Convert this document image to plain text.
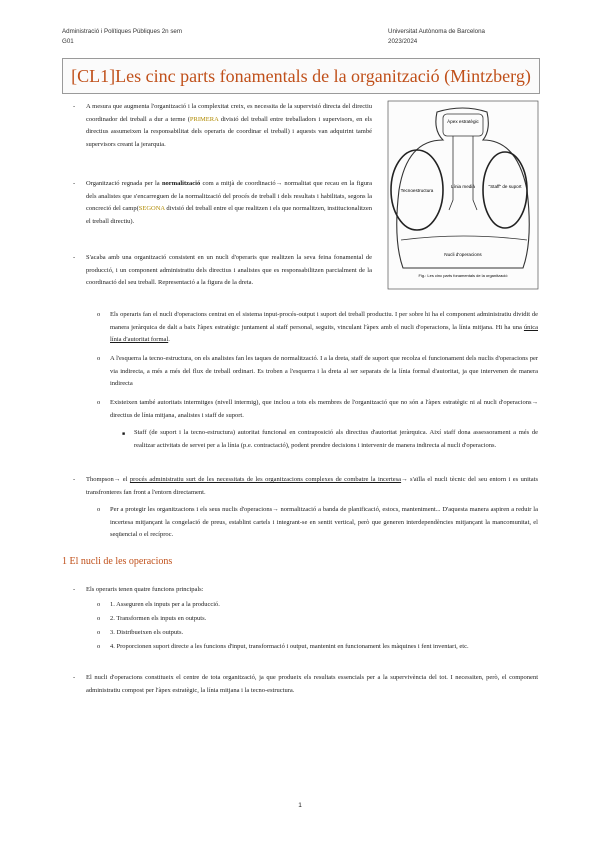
Administració i Polítiques Públiques 2n sem
G01
Universitat Autònoma de Barcelona
2023/2024
[CL1]Les cinc parts fonamentals de la organització (Mintzberg)
Àpex estratègic
Tecnoestructura
Línia medià	"Staff" de suport
Nucli d'operacions
Fig.: Les cinc parts fonamentals de la organització
- A mesura que augmenta l'organització i la complexitat creix, es necessita de la supervisió directa del directiu coordinador del treball a dur a terme (PRIMERA divisió del treball entre treballadors i supervisors, en els directius assumeixen la responsabilitat dels operaris de coordinar el treball) i aquests van adquirint també supervisors creant la jerarquia.
- Organització regnada per la normalització com a mitjà de coordinació→ normalitat que recau en la figura dels analistes que s'encarreguen de la normalització del procés de treball i dels resultats i habilitats, segons la concreció del camp(SEGONA divisió del treball entre el que realitzen i els que normalitzen, institucionalitzen el treball directiu).
- S'acaba amb una organització consistent en un nucli d'operaris que realitzen la seva feina fonamental de producció, i un component administratiu dels directius i analistes que es responsabilitzen parcialment de la coordinació del seu treball. Representació a la figura de la dreta.
o Els operaris fan el nucli d'operacions centrat en el sistema input-procés-output i suport del treball productiu. I per sobre hi ha el component administratiu dividit de manera jeràrquica de dalt a baix l'àpex estratègic juntament al staff personal, seguits, vinculant l'àpex amb el nucli d'operacions, la línia mitjana. Hi ha una única línia d'autoritat formal.
o A l'esquerra la tecno-estructura, on els analistes fan les taques de normalització. I a la dreta, staff de suport que recolza el funcionament dels nuclis d'operacions per via indirecta, a més a més del flux de treball ordinari. Es troben a l'esquerra i la dreta al ser separats de la línia formal d'autoritat, ja que intervenen de manera indirecta
o Existeixen també autoritats intermitges (nivell intermig), que inclou a tots els membres de l'organització que no són a l'àpex estratègic ni al nucli d'operacions→ directius de línia mitjana, analistes i staff de suport.
■ Staff (de suport i la tecno-estructura) autoritat funcional en contraposició als directius d'autoritat jeràrquica. Així staff dona assessorament a més de realitzar activitats de servei per a la línia (p.e. contractació), podent prendre decisions i intervenir de manera indirecta al nucli d'operacions.
- Thompson→ el procés administratiu surt de les necessitats de les organitzacions complexes de combatre la incertesa→ s'aïlla el nucli tècnic del seu entorn i es unitats transfronteres fan front a l'entorn directament.
o Per a protegir les organitzacions i els seus nuclis d'operacions→ normalització a banda de planificació, estocs, manteniment... D'aquesta manera aspiren a reduir la incertesa mitjançant la congelació de preus, establint cartels i integrant-se en sentit vertical, però que generen interdependències mitjançant la mancomunitat, el seqüencial o el recíproc.
1 El nucli de les operacions
- Els operaris tenen quatre funcions principals:
o 1. Asseguren els inputs per a la producció.
o 2. Transformen els inputs en outputs.
o 3. Distribueixen els outputs.
o 4. Proporcionen suport directe a les funcions d'input, transformació i output, mantenint en funcionament les màquines i fent inventari, etc.
- El nucli d'operacions constitueix el centre de tota organització, ja que produeix els resultats essencials per a la supervivència del tot. I necessiten, però, el component administratiu compost per l'àpex estratègic, la línia mitjana i la tecno-estructura.
1
